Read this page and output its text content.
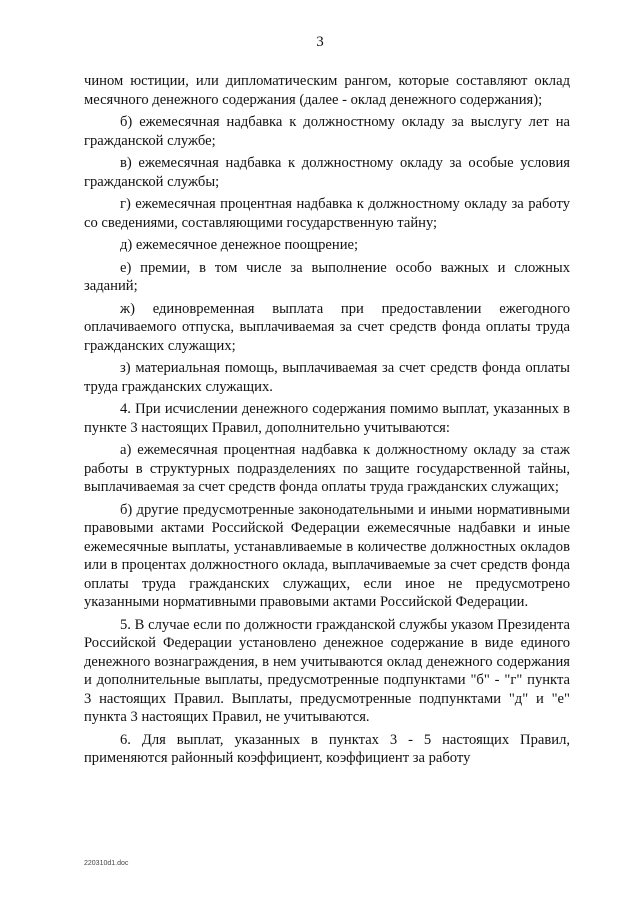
3

чином юстиции, или дипломатическим рангом, которые составляют оклад месячного денежного содержания (далее - оклад денежного содержания);

б) ежемесячная надбавка к должностному окладу за выслугу лет на гражданской службе;

в) ежемесячная надбавка к должностному окладу за особые условия гражданской службы;

г) ежемесячная процентная надбавка к должностному окладу за работу со сведениями, составляющими государственную тайну;

д) ежемесячное денежное поощрение;

е) премии, в том числе за выполнение особо важных и сложных заданий;

ж) единовременная выплата при предоставлении ежегодного оплачиваемого отпуска, выплачиваемая за счет средств фонда оплаты труда гражданских служащих;

з) материальная помощь, выплачиваемая за счет средств фонда оплаты труда гражданских служащих.

4. При исчислении денежного содержания помимо выплат, указанных в пункте 3 настоящих Правил, дополнительно учитываются:

а) ежемесячная процентная надбавка к должностному окладу за стаж работы в структурных подразделениях по защите государственной тайны, выплачиваемая за счет средств фонда оплаты труда гражданских служащих;

б) другие предусмотренные законодательными и иными нормативными правовыми актами Российской Федерации ежемесячные надбавки и иные ежемесячные выплаты, устанавливаемые в количестве должностных окладов или в процентах должностного оклада, выплачиваемые за счет средств фонда оплаты труда гражданских служащих, если иное не предусмотрено указанными нормативными правовыми актами Российской Федерации.

5. В случае если по должности гражданской службы указом Президента Российской Федерации установлено денежное содержание в виде единого денежного вознаграждения, в нем учитываются оклад денежного содержания и дополнительные выплаты, предусмотренные подпунктами "б" - "г" пункта 3 настоящих Правил. Выплаты, предусмотренные подпунктами "д" и "е" пункта 3 настоящих Правил, не учитываются.

6. Для выплат, указанных в пунктах 3 - 5 настоящих Правил, применяются районный коэффициент, коэффициент за работу

220310d1.doc
